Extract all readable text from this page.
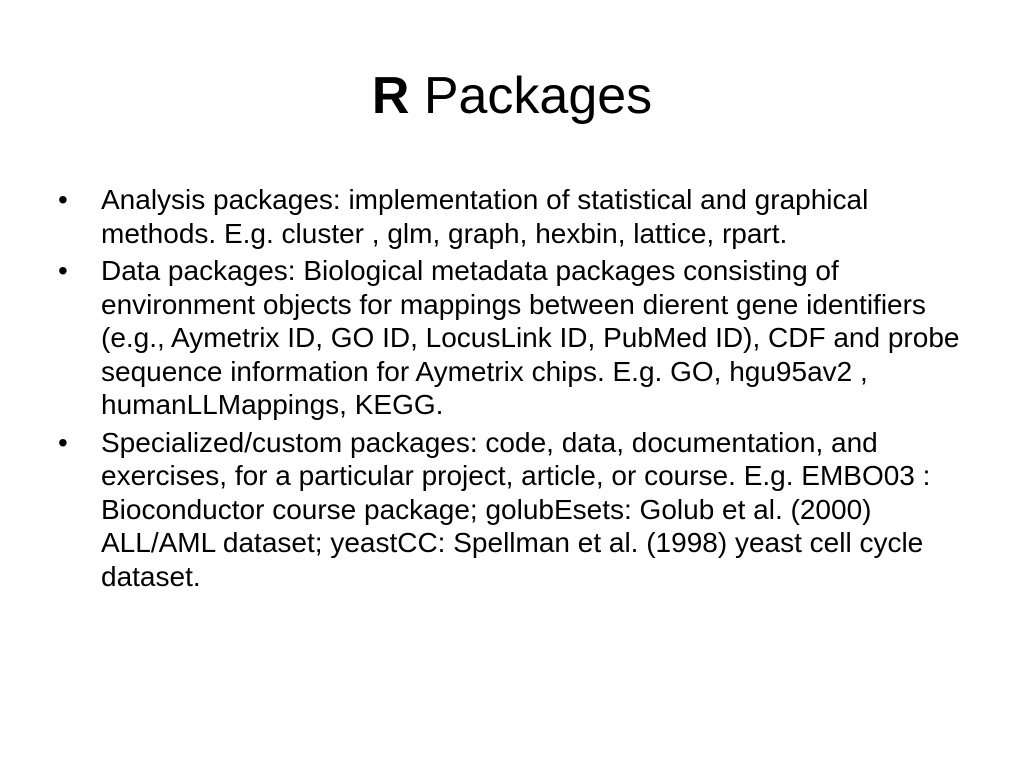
R Packages
•	Analysis packages: implementation of statistical and graphical methods. E.g. cluster , glm, graph, hexbin, lattice, rpart.
•	Data packages: Biological metadata packages consisting of environment objects for mappings between dierent gene identifiers (e.g., Aymetrix ID, GO ID, LocusLink ID, PubMed ID), CDF and probe sequence information for Aymetrix chips. E.g. GO, hgu95av2 , humanLLMappings, KEGG.
•	Specialized/custom packages: code, data, documentation, and exercises, for a particular project, article, or course. E.g. EMBO03 : Bioconductor course package; golubEsets: Golub et al. (2000) ALL/AML dataset; yeastCC: Spellman et al. (1998) yeast cell cycle dataset.
